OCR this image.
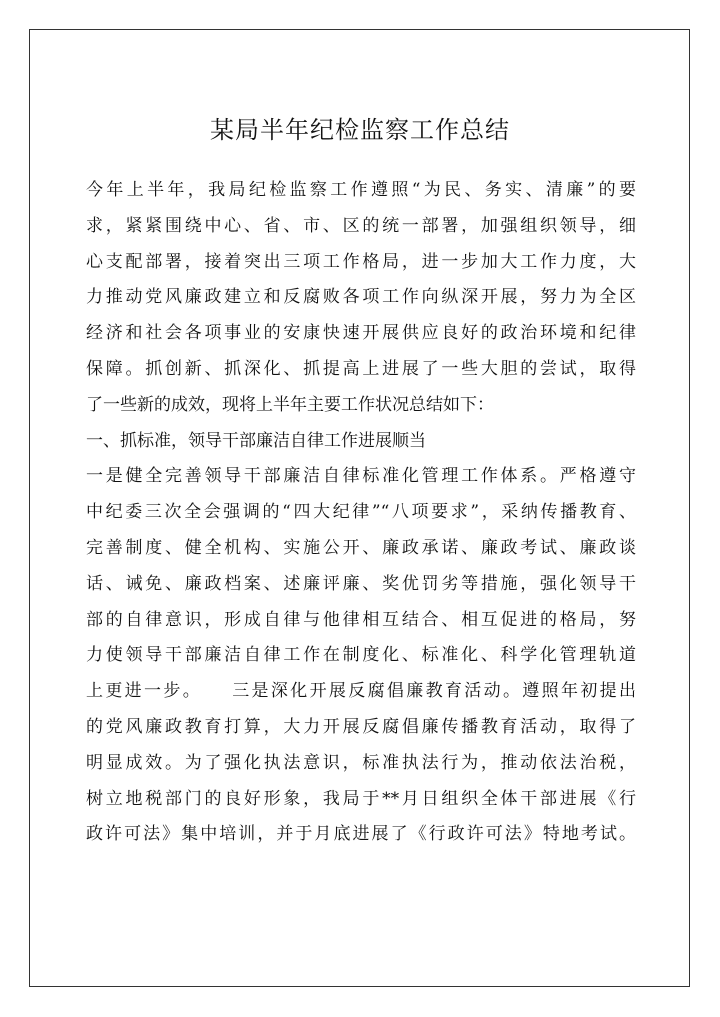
某局半年纪检监察工作总结
今年上半年，我局纪检监察工作遵照“为民、务实、清廉”的要
求，紧紧围绕中心、省、市、区的统一部署，加强组织领导，细
心支配部署，接着突出三项工作格局，进一步加大工作力度，大
力推动党风廉政建立和反腐败各项工作向纵深开展，努力为全区
经济和社会各项事业的安康快速开展供应良好的政治环境和纪律
保障。抓创新、抓深化、抓提高上进展了一些大胆的尝试，取得
了一些新的成效，现将上半年主要工作状况总结如下：
一、抓标准，领导干部廉洁自律工作进展顺当
一是健全完善领导干部廉洁自律标准化管理工作体系。严格遵守
中纪委三次全会强调的“四大纪律”“八项要求”，采纳传播教育、
完善制度、健全机构、实施公开、廉政承诺、廉政考试、廉政谈
话、诫免、廉政档案、述廉评廉、奖优罚劣等措施，强化领导干
部的自律意识，形成自律与他律相互结合、相互促进的格局，努
力使领导干部廉洁自律工作在制度化、标准化、科学化管理轨道
上更进一步。　　三是深化开展反腐倡廉教育活动。遵照年初提出
的党风廉政教育打算，大力开展反腐倡廉传播教育活动，取得了
明显成效。为了强化执法意识，标准执法行为，推动依法治税，
树立地税部门的良好形象，我局于**月日组织全体干部进展《行
政许可法》集中培训，并于月底进展了《行政许可法》特地考试。
